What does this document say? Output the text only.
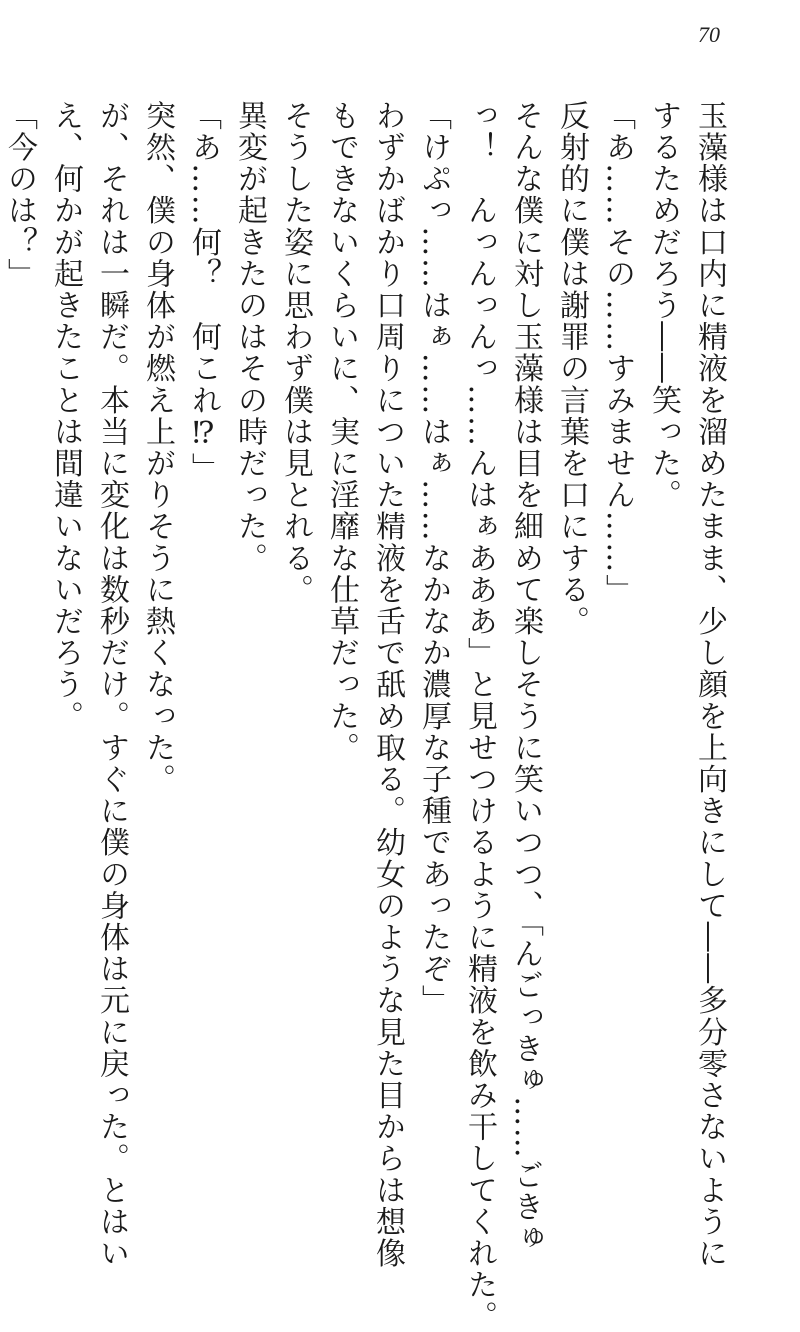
70

玉藻様は口内に精液を溜めたまま、少し顔を上向きにして――多分零さないように

するためだろう――笑った。

「あ……その……すみません……」

反射的に僕は謝罪の言葉を口にする。

そんな僕に対し玉藻様は目を細めて楽しそうに笑いつつ、「んごっきゅ……ごきゅ

っ！　んっんっんっ……んはぁあああ」と見せつけるように精液を飲み干してくれた。

「けぷっ……はぁ……はぁ……なかなか濃厚な子種であったぞ」

わずかばかり口周りについた精液を舌で舐め取る。幼女のような見た目からは想像

もできないくらいに、実に淫靡な仕草だった。

そうした姿に思わず僕は見とれる。

異変が起きたのはその時だった。

「あ……何？　何これ⁉」

突然、僕の身体が燃え上がりそうに熱くなった。

が、それは一瞬だ。本当に変化は数秒だけ。すぐに僕の身体は元に戻った。とはい

え、何かが起きたことは間違いないだろう。

「今のは？」
